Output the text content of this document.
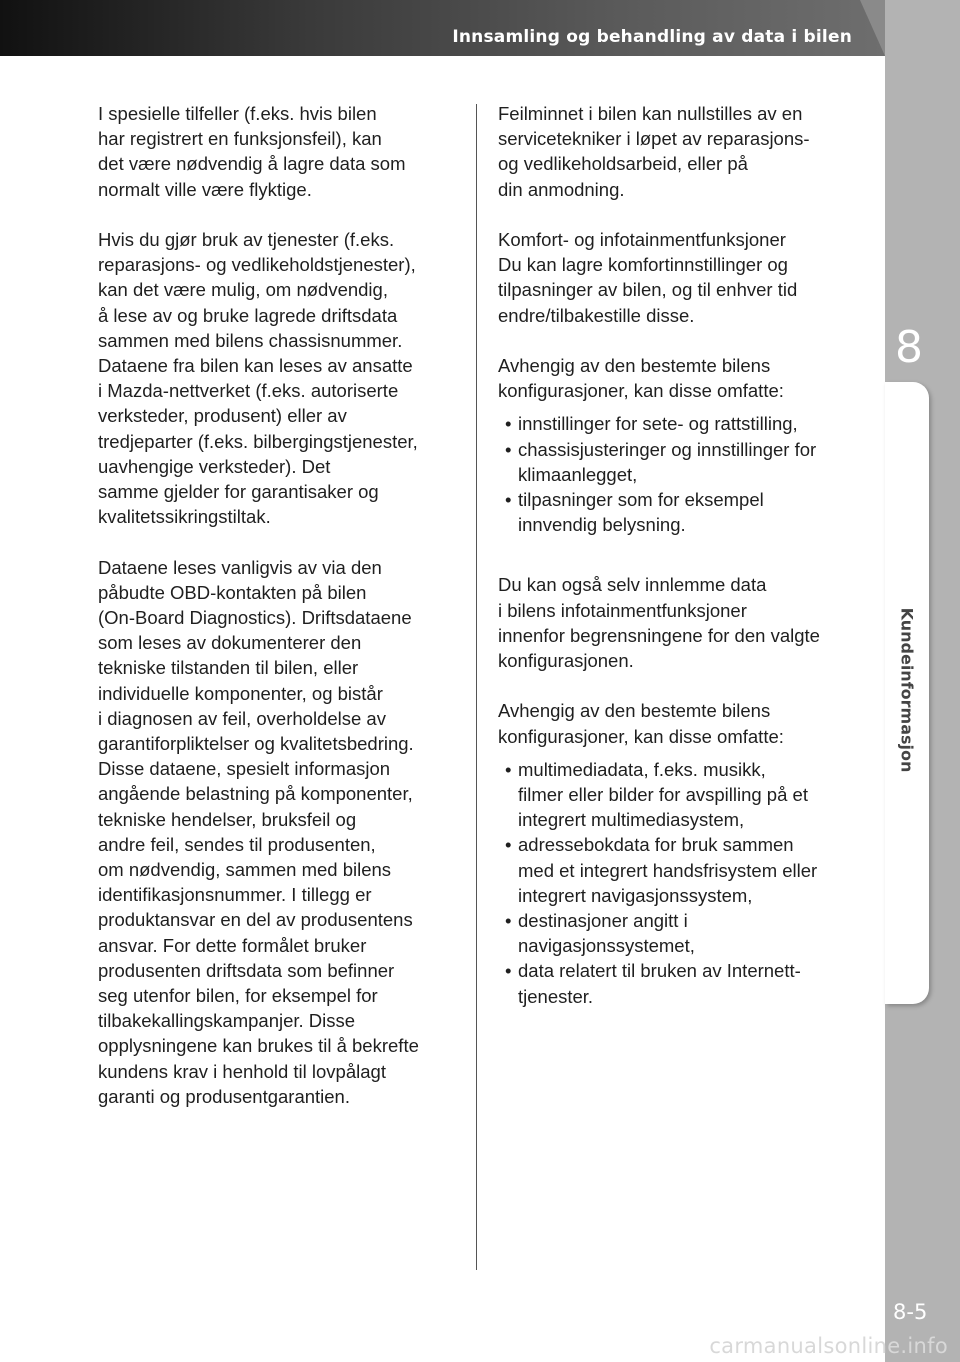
Innsamling og behandling av data i bilen
8
Kundeinformasjon
8-5
carmanualsonline.info

I spesielle tilfeller (f.eks. hvis bilen
har registrert en funksjonsfeil), kan
det være nødvendig å lagre data som
normalt ville være flyktige.

Hvis du gjør bruk av tjenester (f.eks.
reparasjons- og vedlikeholdstjenester),
kan det være mulig, om nødvendig,
å lese av og bruke lagrede driftsdata
sammen med bilens chassisnummer.
Dataene fra bilen kan leses av ansatte
i Mazda-nettverket (f.eks. autoriserte
verksteder, produsent) eller av
tredjeparter (f.eks. bilbergingstjenester,
uavhengige verksteder). Det
samme gjelder for garantisaker og
kvalitetssikringstiltak.

Dataene leses vanligvis av via den
påbudte OBD-kontakten på bilen
(On-Board Diagnostics). Driftsdataene
som leses av dokumenterer den
tekniske tilstanden til bilen, eller
individuelle komponenter, og bistår
i diagnosen av feil, overholdelse av
garantiforpliktelser og kvalitetsbedring.
Disse dataene, spesielt informasjon
angående belastning på komponenter,
tekniske hendelser, bruksfeil og
andre feil, sendes til produsenten,
om nødvendig, sammen med bilens
identifikasjonsnummer. I tillegg er
produktansvar en del av produsentens
ansvar. For dette formålet bruker
produsenten driftsdata som befinner
seg utenfor bilen, for eksempel for
tilbakekallingskampanjer. Disse
opplysningene kan brukes til å bekrefte
kundens krav i henhold til lovpålagt
garanti og produsentgarantien.

Feilminnet i bilen kan nullstilles av en
servicetekniker i løpet av reparasjons-
og vedlikeholdsarbeid, eller på
din anmodning.

Komfort- og infotainmentfunksjoner
Du kan lagre komfortinnstillinger og
tilpasninger av bilen, og til enhver tid
endre/tilbakestille disse.

Avhengig av den bestemte bilens
konfigurasjoner, kan disse omfatte:

• innstillinger for sete- og rattstilling,
• chassisjusteringer og innstillinger for
klimaanlegget,
• tilpasninger som for eksempel
innvendig belysning.

Du kan også selv innlemme data
i bilens infotainmentfunksjoner
innenfor begrensningene for den valgte
konfigurasjonen.

Avhengig av den bestemte bilens
konfigurasjoner, kan disse omfatte:

• multimediadata, f.eks. musikk,
filmer eller bilder for avspilling på et
integrert multimediasystem,
• adressebokdata for bruk sammen
med et integrert handsfrisystem eller
integrert navigasjonssystem,
• destinasjoner angitt i
navigasjonssystemet,
• data relatert til bruken av Internett-
tjenester.
